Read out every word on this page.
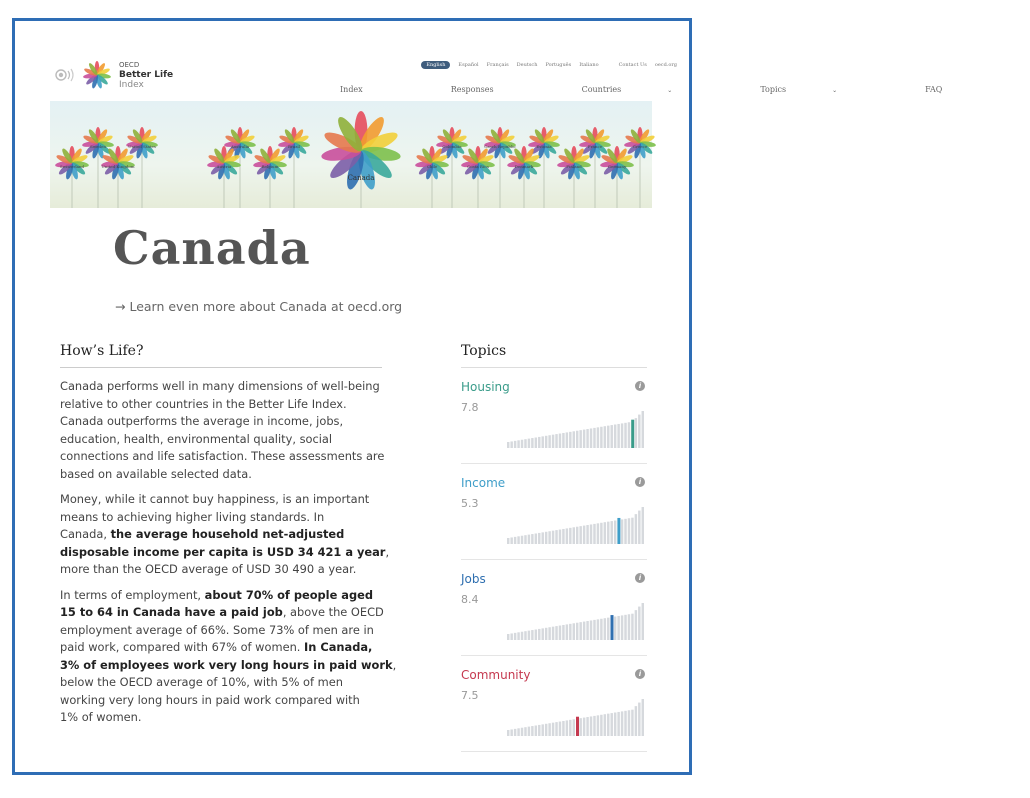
OECD
Better Life
Index
English	Español Français Deutsch Português Italiano	Contact Us oecd.org
Index	Responses	Countries	⌄	Topics	⌄	FAQ
Sweden	United States	Australia	Brazil	Colombia	Czech Republic	Estonia	France	Greece
Switzerland	United Kingdom	Austria	Belgium	Chile	Costa Rica	Denmark	Finland	Germany
Canada
Canada
→ Learn even more about Canada at oecd.org
How’s Life?
Canada performs well in many dimensions of well-being
relative to other countries in the Better Life Index.
Canada outperforms the average in income, jobs,
education, health, environmental quality, social
connections and life satisfaction. These assessments are
based on available selected data.
Money, while it cannot buy happiness, is an important
means to achieving higher living standards. In
Canada, the average household net-adjusted
disposable income per capita is USD 34 421 a year,
more than the OECD average of USD 30 490 a year.
In terms of employment, about 70% of people aged
15 to 64 in Canada have a paid job, above the OECD
employment average of 66%. Some 73% of men are in
paid work, compared with 67% of women. In Canada,
3% of employees work very long hours in paid work,
below the OECD average of 10%, with 5% of men
working very long hours in paid work compared with
1% of women.
Topics
Housing	i
7.8
Income	i
5.3
Jobs	i
8.4
Community	i
7.5
